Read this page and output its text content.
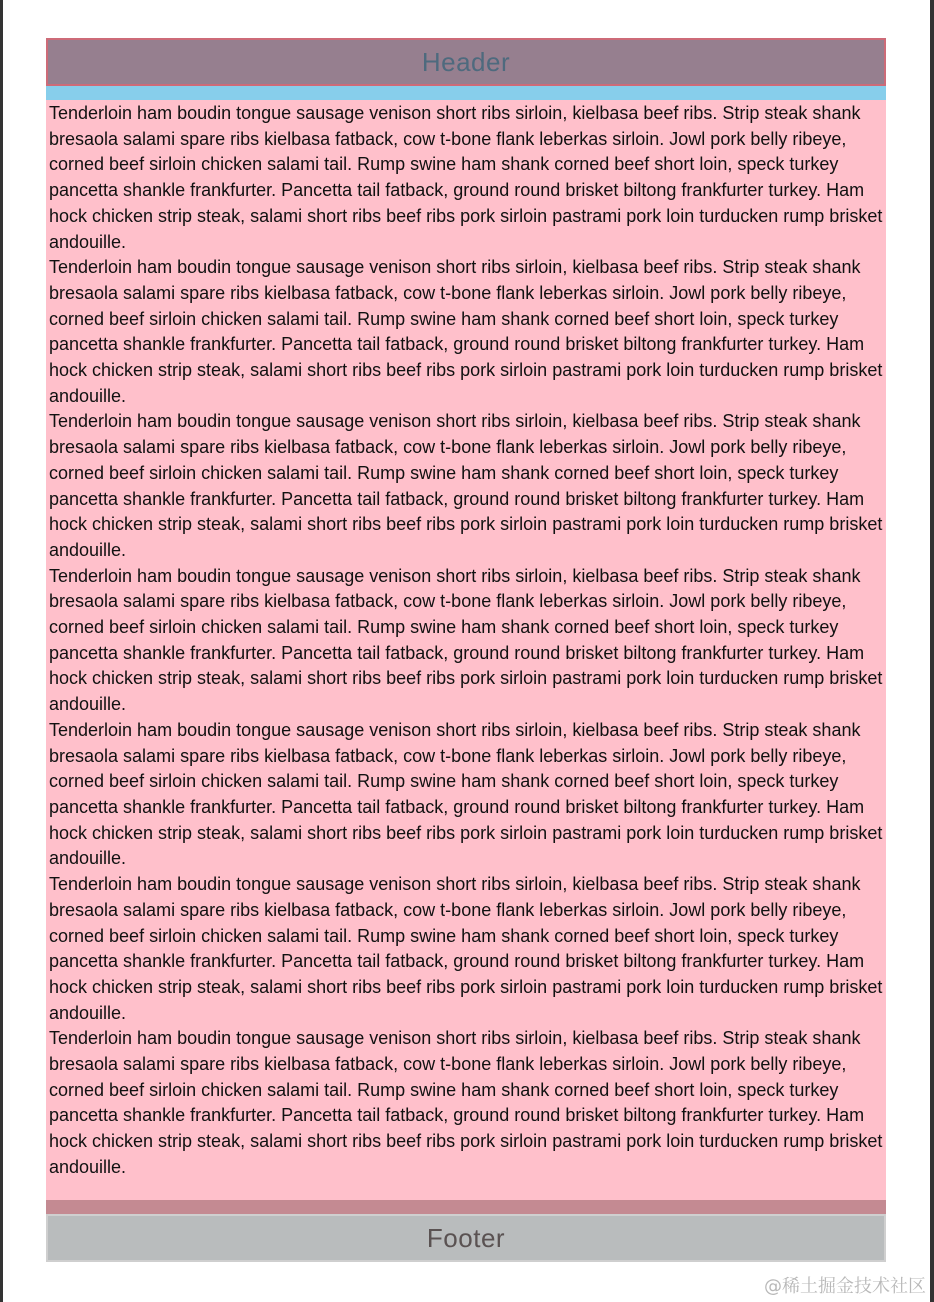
Header

Tenderloin ham boudin tongue sausage venison short ribs sirloin, kielbasa beef ribs. Strip steak shank bresaola salami spare ribs kielbasa fatback, cow t-bone flank leberkas sirloin. Jowl pork belly ribeye, corned beef sirloin chicken salami tail. Rump swine ham shank corned beef short loin, speck turkey pancetta shankle frankfurter. Pancetta tail fatback, ground round brisket biltong frankfurter turkey. Ham hock chicken strip steak, salami short ribs beef ribs pork sirloin pastrami pork loin turducken rump brisket andouille.

Tenderloin ham boudin tongue sausage venison short ribs sirloin, kielbasa beef ribs. Strip steak shank bresaola salami spare ribs kielbasa fatback, cow t-bone flank leberkas sirloin. Jowl pork belly ribeye, corned beef sirloin chicken salami tail. Rump swine ham shank corned beef short loin, speck turkey pancetta shankle frankfurter. Pancetta tail fatback, ground round brisket biltong frankfurter turkey. Ham hock chicken strip steak, salami short ribs beef ribs pork sirloin pastrami pork loin turducken rump brisket andouille.

Tenderloin ham boudin tongue sausage venison short ribs sirloin, kielbasa beef ribs. Strip steak shank bresaola salami spare ribs kielbasa fatback, cow t-bone flank leberkas sirloin. Jowl pork belly ribeye, corned beef sirloin chicken salami tail. Rump swine ham shank corned beef short loin, speck turkey pancetta shankle frankfurter. Pancetta tail fatback, ground round brisket biltong frankfurter turkey. Ham hock chicken strip steak, salami short ribs beef ribs pork sirloin pastrami pork loin turducken rump brisket andouille.

Tenderloin ham boudin tongue sausage venison short ribs sirloin, kielbasa beef ribs. Strip steak shank bresaola salami spare ribs kielbasa fatback, cow t-bone flank leberkas sirloin. Jowl pork belly ribeye, corned beef sirloin chicken salami tail. Rump swine ham shank corned beef short loin, speck turkey pancetta shankle frankfurter. Pancetta tail fatback, ground round brisket biltong frankfurter turkey. Ham hock chicken strip steak, salami short ribs beef ribs pork sirloin pastrami pork loin turducken rump brisket andouille.

Tenderloin ham boudin tongue sausage venison short ribs sirloin, kielbasa beef ribs. Strip steak shank bresaola salami spare ribs kielbasa fatback, cow t-bone flank leberkas sirloin. Jowl pork belly ribeye, corned beef sirloin chicken salami tail. Rump swine ham shank corned beef short loin, speck turkey pancetta shankle frankfurter. Pancetta tail fatback, ground round brisket biltong frankfurter turkey. Ham hock chicken strip steak, salami short ribs beef ribs pork sirloin pastrami pork loin turducken rump brisket andouille.

Tenderloin ham boudin tongue sausage venison short ribs sirloin, kielbasa beef ribs. Strip steak shank bresaola salami spare ribs kielbasa fatback, cow t-bone flank leberkas sirloin. Jowl pork belly ribeye, corned beef sirloin chicken salami tail. Rump swine ham shank corned beef short loin, speck turkey pancetta shankle frankfurter. Pancetta tail fatback, ground round brisket biltong frankfurter turkey. Ham hock chicken strip steak, salami short ribs beef ribs pork sirloin pastrami pork loin turducken rump brisket andouille.

Tenderloin ham boudin tongue sausage venison short ribs sirloin, kielbasa beef ribs. Strip steak shank bresaola salami spare ribs kielbasa fatback, cow t-bone flank leberkas sirloin. Jowl pork belly ribeye, corned beef sirloin chicken salami tail. Rump swine ham shank corned beef short loin, speck turkey pancetta shankle frankfurter. Pancetta tail fatback, ground round brisket biltong frankfurter turkey. Ham hock chicken strip steak, salami short ribs beef ribs pork sirloin pastrami pork loin turducken rump brisket andouille.

Footer
@稀土掘金技术社区
